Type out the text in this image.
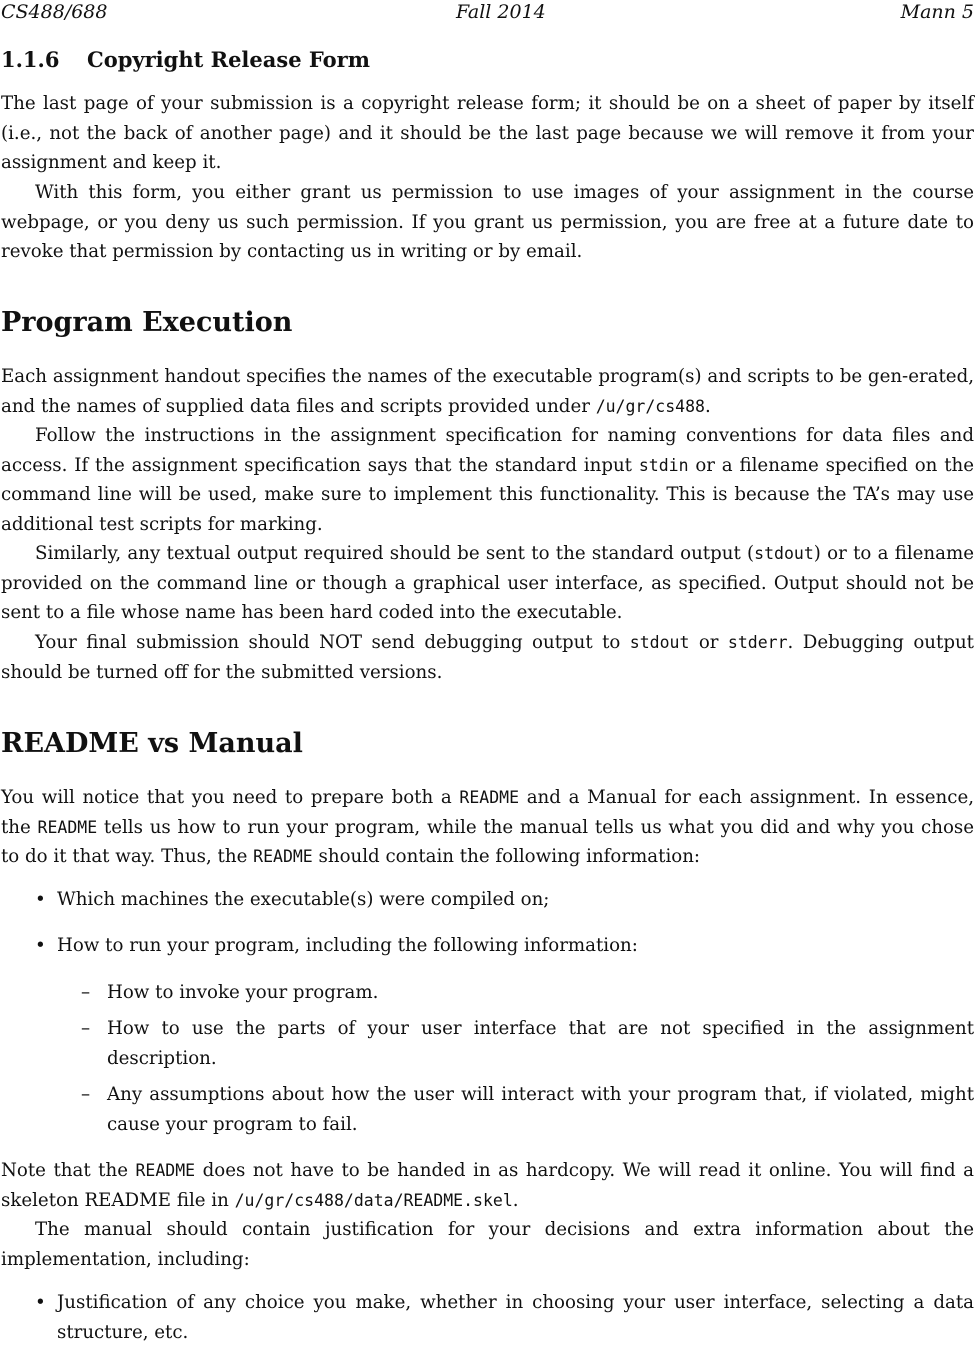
CS488/688	Fall 2014	Mann 5
1.1.6 Copyright Release Form

The last page of your submission is a copyright release form; it should be on a sheet of paper by itself (i.e., not the back of another page) and it should be the last page because we will remove it from your assignment and keep it.

With this form, you either grant us permission to use images of your assignment in the course webpage, or you deny us such permission. If you grant us permission, you are free at a future date to revoke that permission by contacting us in writing or by email.

Program Execution

Each assignment handout specifies the names of the executable program(s) and scripts to be gen-erated, and the names of supplied data files and scripts provided under /u/gr/cs488.

Follow the instructions in the assignment specification for naming conventions for data files and access. If the assignment specification says that the standard input stdin or a filename specified on the command line will be used, make sure to implement this functionality. This is because the TA’s may use additional test scripts for marking.

Similarly, any textual output required should be sent to the standard output (stdout) or to a filename provided on the command line or though a graphical user interface, as specified. Output should not be sent to a file whose name has been hard coded into the executable.

Your final submission should NOT send debugging output to stdout or stderr. Debugging output should be turned off for the submitted versions.

README vs Manual

You will notice that you need to prepare both a README and a Manual for each assignment. In essence, the README tells us how to run your program, while the manual tells us what you did and why you chose to do it that way. Thus, the README should contain the following information:

• Which machines the executable(s) were compiled on;
• How to run your program, including the following information:
– How to invoke your program.
– How to use the parts of your user interface that are not specified in the assignment description.
– Any assumptions about how the user will interact with your program that, if violated, might cause your program to fail.

Note that the README does not have to be handed in as hardcopy. We will read it online. You will find a skeleton README file in /u/gr/cs488/data/README.skel.

The manual should contain justification for your decisions and extra information about the implementation, including:

• Justification of any choice you make, whether in choosing your user interface, selecting a data structure, etc.
